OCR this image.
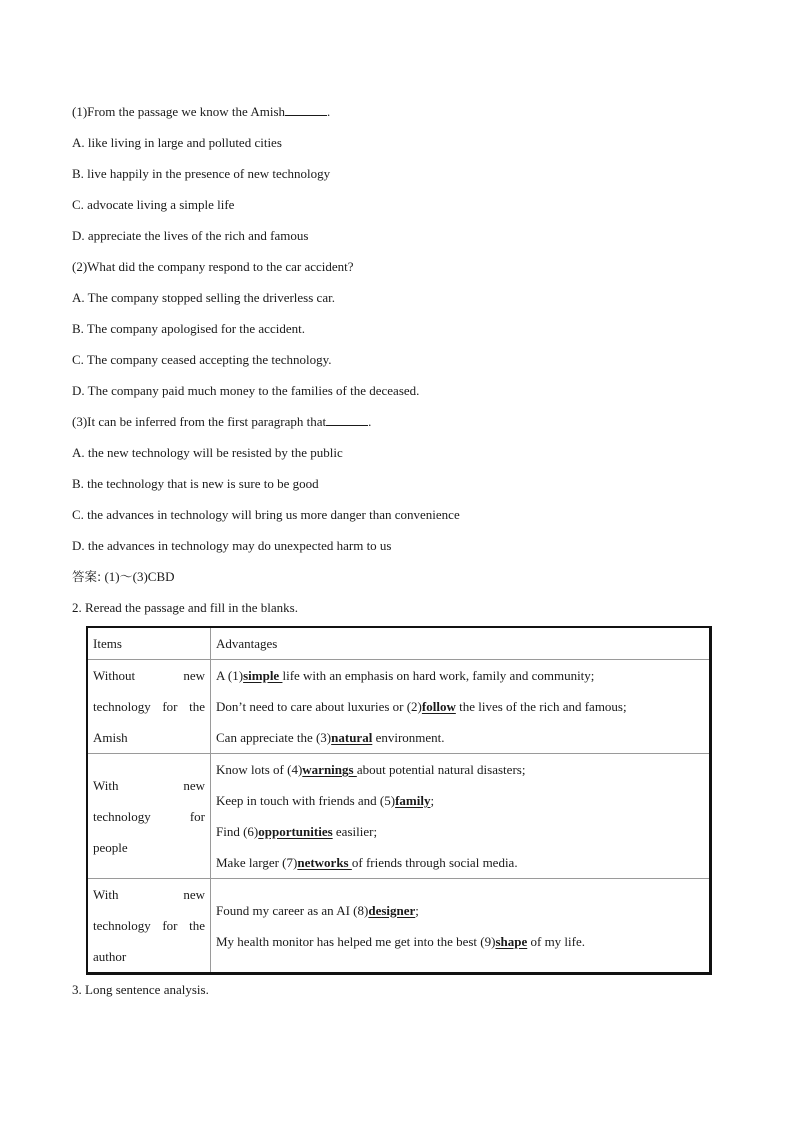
(1)From the passage we know the Amish	.
A. like living in large and polluted cities
B. live happily in the presence of new technology
C. advocate living a simple life
D. appreciate the lives of the rich and famous
(2)What did the company respond to the car accident?
A. The company stopped selling the driverless car.
B. The company apologised for the accident.
C. The company ceased accepting the technology.
D. The company paid much money to the families of the deceased.
(3)It can be inferred from the first paragraph that	.
A. the new technology will be resisted by the public
B. the technology that is new is sure to be good
C. the advances in technology will bring us more danger than convenience
D. the advances in technology may do unexpected harm to us
答案: (1)～(3)CBD
2. Reread the passage and fill in the blanks.
Items	Advantages

Without new
technology for the
Amish	A (1)simple life with an emphasis on hard work, family and community;
Don’t need to care about luxuries or (2)follow the lives of the rich and famous;
Can appreciate the (3)natural environment.

With new
technology for
people	Know lots of (4)warnings about potential natural disasters;
Keep in touch with friends and (5)family;
Find (6)opportunities easilier;
Make larger (7)networks of friends through social media.

With new
technology for the
author	Found my career as an AI (8)designer;
My health monitor has helped me get into the best (9)shape of my life.
3. Long sentence analysis.
